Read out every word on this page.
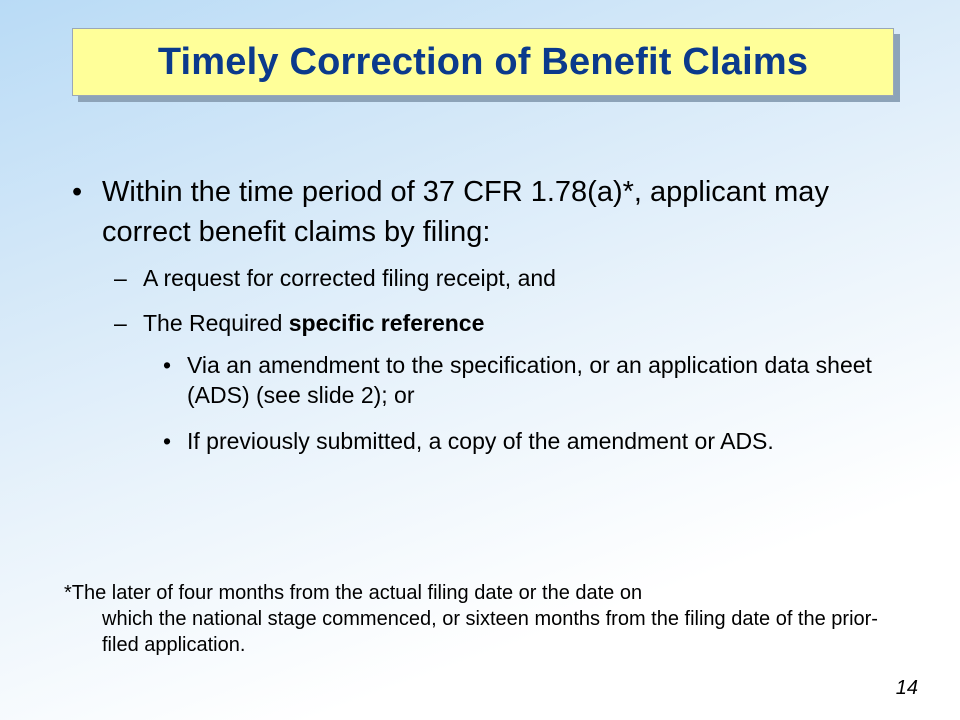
Timely Correction of Benefit Claims
• Within the time period of 37 CFR 1.78(a)*, applicant may correct benefit claims by filing:
– A request for corrected filing receipt, and
– The Required specific reference
• Via an amendment to the specification, or an application data sheet (ADS) (see slide 2); or
• If previously submitted, a copy of the amendment or ADS.
*The later of four months from the actual filing date or the date on
which the national stage commenced, or sixteen months from the filing date of the prior-filed application.
14
